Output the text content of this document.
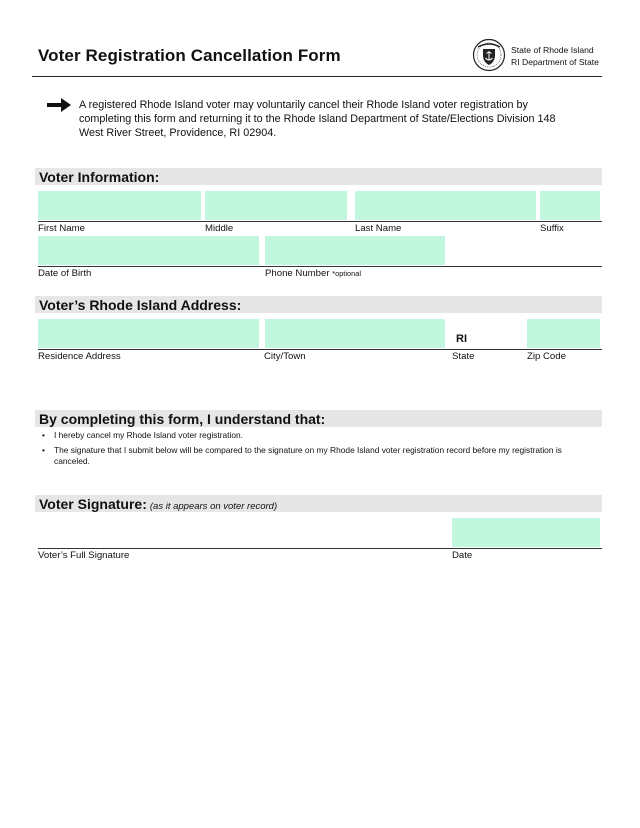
Voter Registration Cancellation Form	State of Rhode Island
RI Department of State
A registered Rhode Island voter may voluntarily cancel their Rhode Island voter registration by completing this form and returning it to the Rhode Island Department of State/Elections Division 148 West River Street, Providence, RI 02904.
Voter Information:
First Name	Middle	Last Name	Suffix
Date of Birth	Phone Number *optional
Voter’s Rhode Island Address:
RI
Residence Address	City/Town	State	Zip Code
By completing this form, I understand that:
• I hereby cancel my Rhode Island voter registration.
• The signature that I submit below will be compared to the signature on my Rhode Island voter registration record before my registration is canceled.
Voter Signature: (as it appears on voter record)
Voter’s Full Signature	Date
